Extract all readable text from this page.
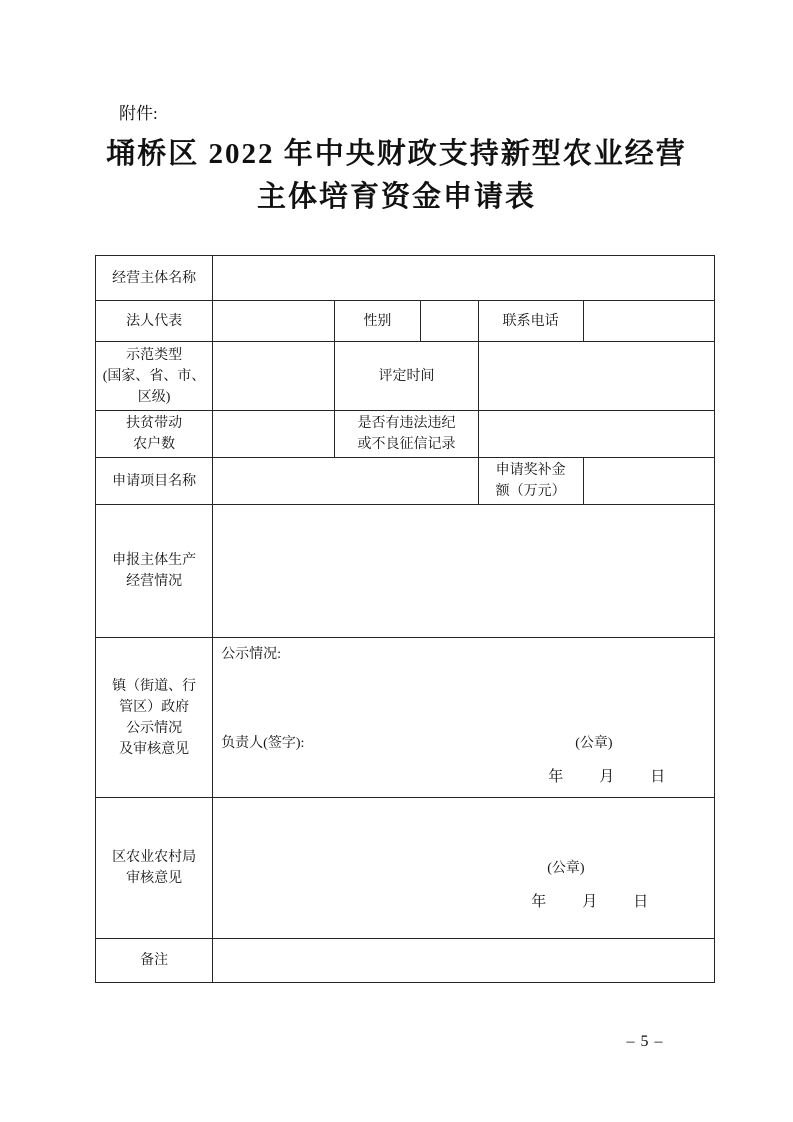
附件:
埇桥区 2022 年中央财政支持新型农业经营
主体培育资金申请表
经营主体名称					
法人代表		性别		联系电话	

示范类型
(国家、省、市、
区级)		评定时间			

扶贫带动
农户数		是否有违法违纪
或不良征信记录			

申请项目名称				申请奖补金
额（万元）	

申报主体生产
经营情况					

镇（街道、行
管区）政府
公示情况
及审核意见

公示情况:
负责人(签字):	(公章)
年 月 日

区农业农村局
审核意见	(公章)
年 月 日				

备注					
– 5 –
